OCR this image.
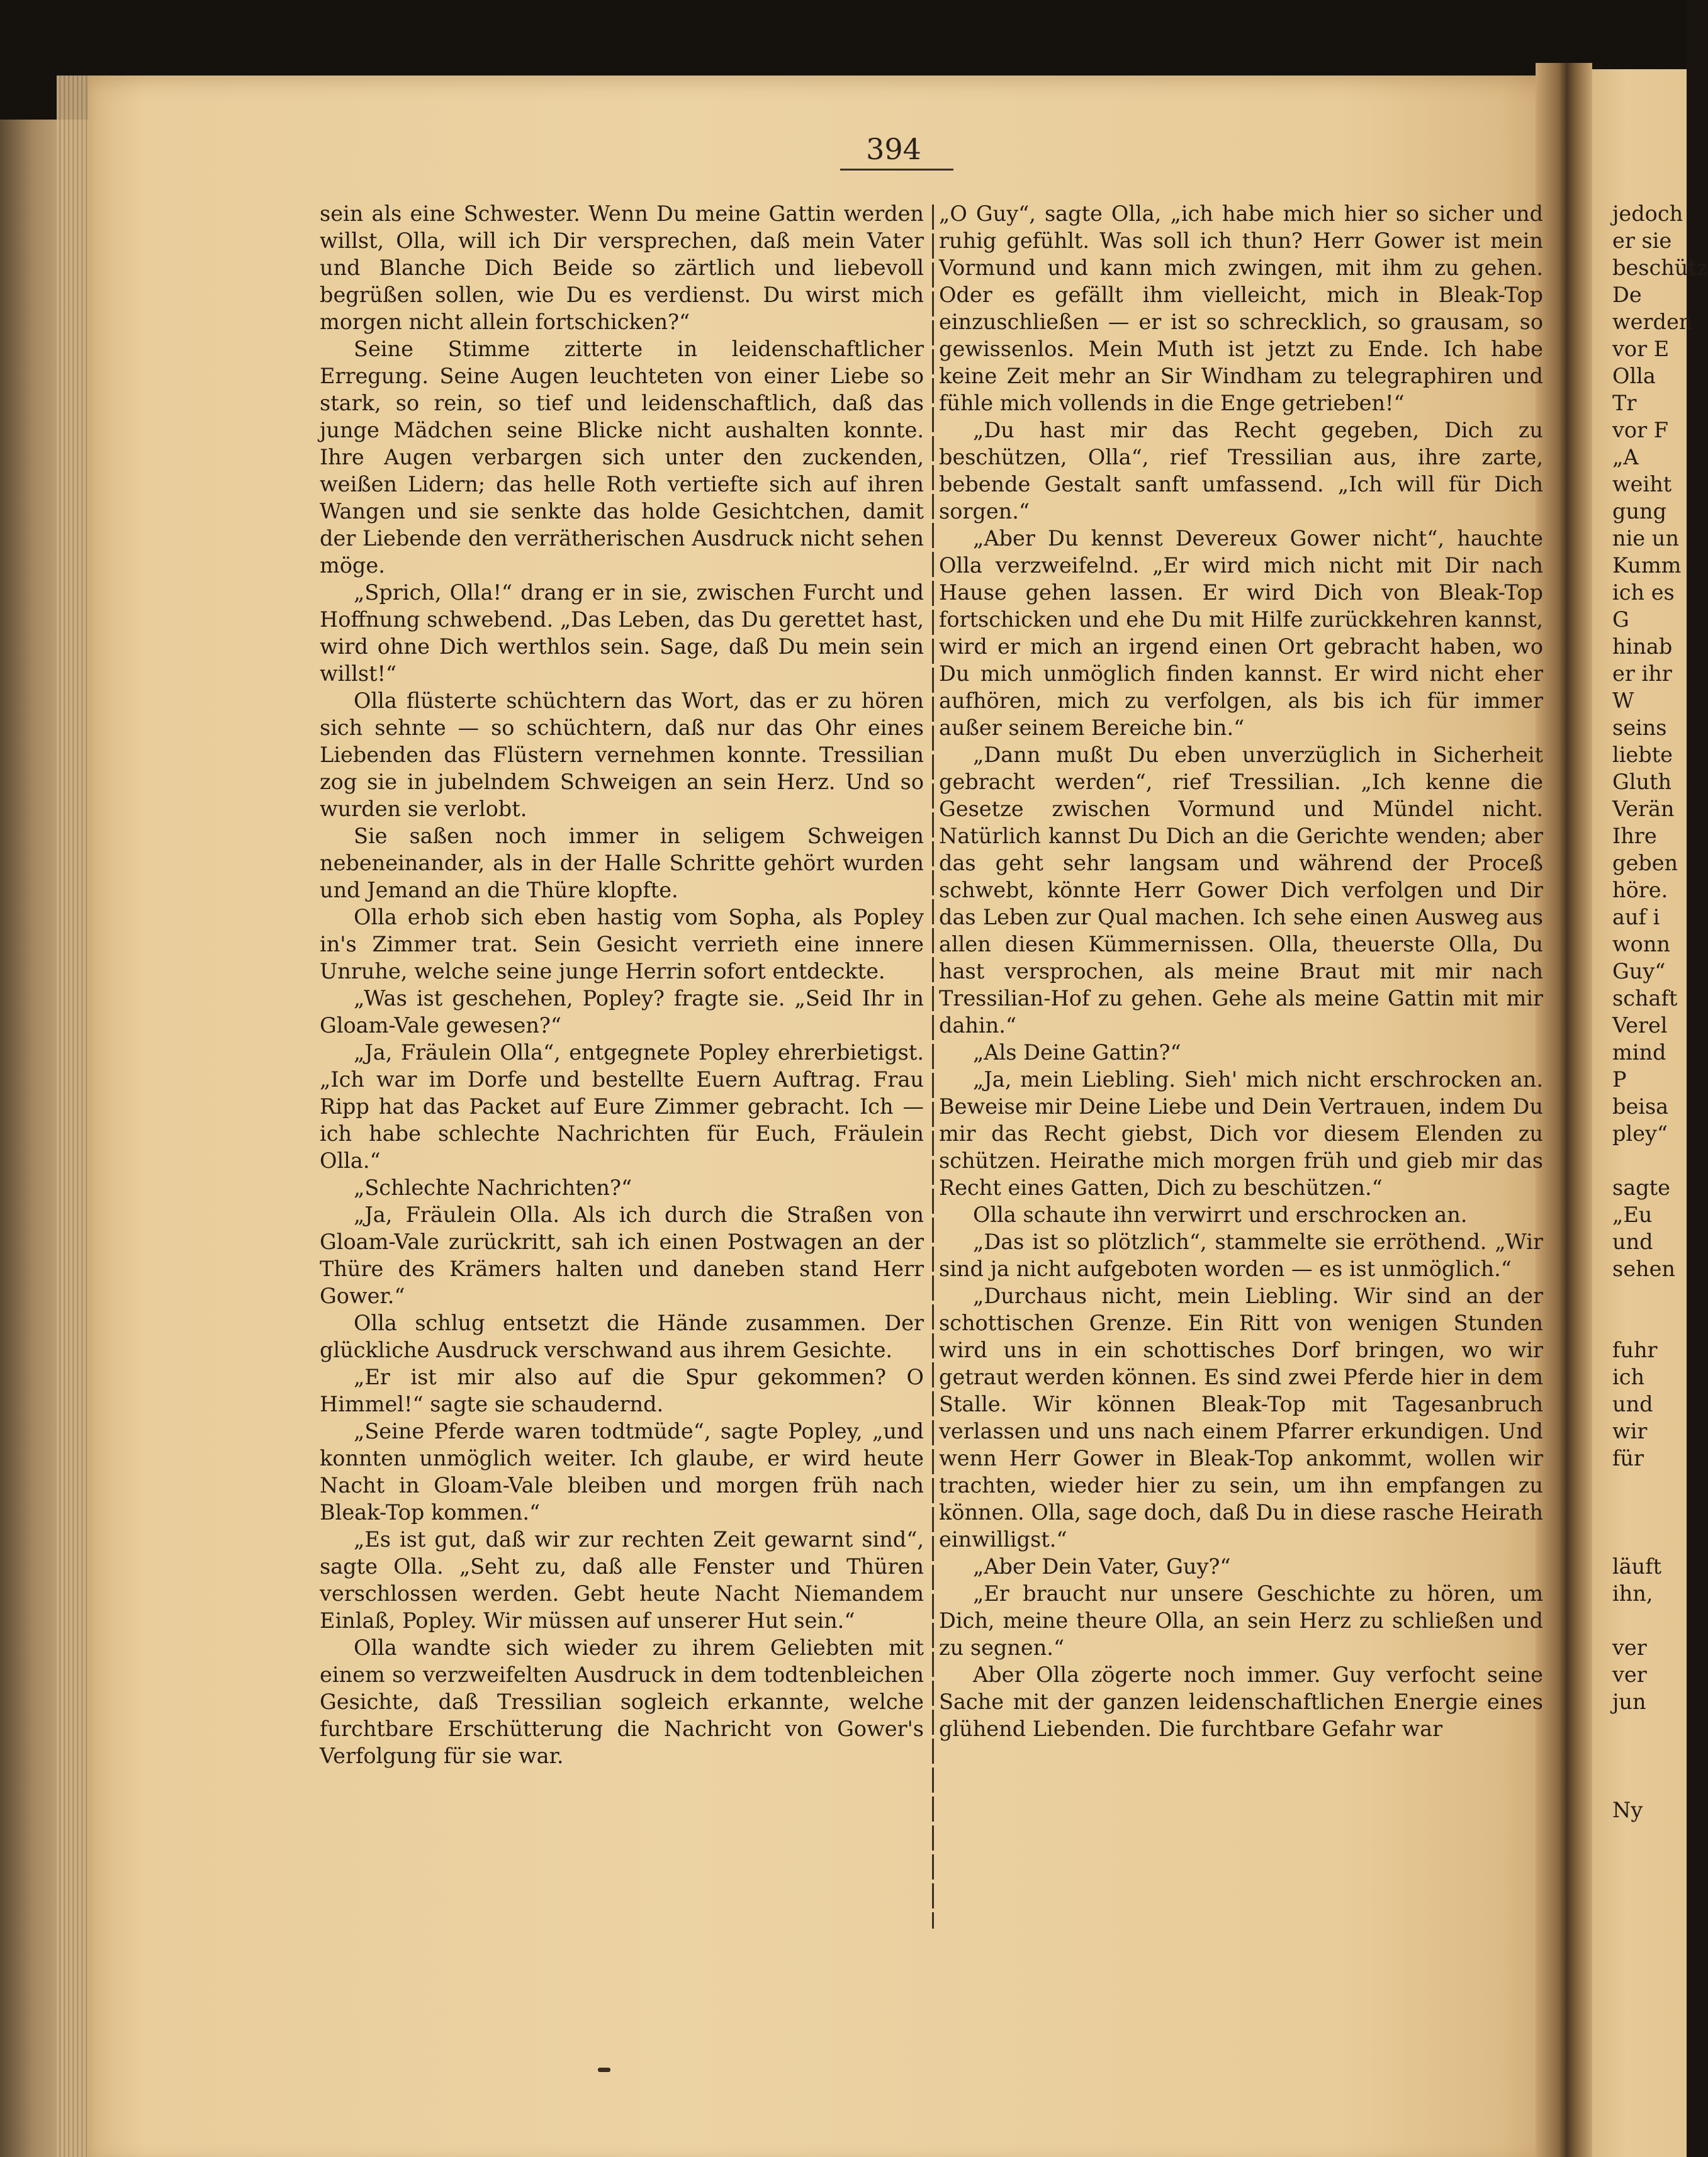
394

sein als eine Schwester. Wenn Du meine Gattin werden willst, Olla, will ich Dir versprechen, daß mein Vater und Blanche Dich Beide so zärtlich und liebevoll begrüßen sollen, wie Du es verdienst. Du wirst mich morgen nicht allein fortschicken?“

Seine Stimme zitterte in leidenschaftlicher Erregung. Seine Augen leuchteten von einer Liebe so stark, so rein, so tief und leidenschaftlich, daß das junge Mädchen seine Blicke nicht aushalten konnte. Ihre Augen verbargen sich unter den zuckenden, weißen Lidern; das helle Roth vertiefte sich auf ihren Wangen und sie senkte das holde Gesichtchen, damit der Liebende den verrätherischen Ausdruck nicht sehen möge.

„Sprich, Olla!“ drang er in sie, zwischen Furcht und Hoffnung schwebend. „Das Leben, das Du gerettet hast, wird ohne Dich werthlos sein. Sage, daß Du mein sein willst!“

Olla flüsterte schüchtern das Wort, das er zu hören sich sehnte — so schüchtern, daß nur das Ohr eines Liebenden das Flüstern vernehmen konnte. Tressilian zog sie in jubelndem Schweigen an sein Herz. Und so wurden sie verlobt.

Sie saßen noch immer in seligem Schweigen nebeneinander, als in der Halle Schritte gehört wurden und Jemand an die Thüre klopfte.

Olla erhob sich eben hastig vom Sopha, als Popley in's Zimmer trat. Sein Gesicht verrieth eine innere Unruhe, welche seine junge Herrin sofort entdeckte.

„Was ist geschehen, Popley? fragte sie. „Seid Ihr in Gloam-Vale gewesen?“

„Ja, Fräulein Olla“, entgegnete Popley ehrerbietigst. „Ich war im Dorfe und bestellte Euern Auftrag. Frau Ripp hat das Packet auf Eure Zimmer gebracht. Ich — ich habe schlechte Nachrichten für Euch, Fräulein Olla.“

„Schlechte Nachrichten?“

„Ja, Fräulein Olla. Als ich durch die Straßen von Gloam-Vale zurückritt, sah ich einen Postwagen an der Thüre des Krämers halten und daneben stand Herr Gower.“

Olla schlug entsetzt die Hände zusammen. Der glückliche Ausdruck verschwand aus ihrem Gesichte.

„Er ist mir also auf die Spur gekommen? O Himmel!“ sagte sie schaudernd.

„Seine Pferde waren todtmüde“, sagte Popley, „und konnten unmöglich weiter. Ich glaube, er wird heute Nacht in Gloam-Vale bleiben und morgen früh nach Bleak-Top kommen.“

„Es ist gut, daß wir zur rechten Zeit gewarnt sind“, sagte Olla. „Seht zu, daß alle Fenster und Thüren verschlossen werden. Gebt heute Nacht Niemandem Einlaß, Popley. Wir müssen auf unserer Hut sein.“

Olla wandte sich wieder zu ihrem Geliebten mit einem so verzweifelten Ausdruck in dem todtenbleichen Gesichte, daß Tressilian sogleich erkannte, welche furchtbare Erschütterung die Nachricht von Gower's Verfolgung für sie war.

„O Guy“, sagte Olla, „ich habe mich hier so sicher und ruhig gefühlt. Was soll ich thun? Herr Gower ist mein Vormund und kann mich zwingen, mit ihm zu gehen. Oder es gefällt ihm vielleicht, mich in Bleak-Top einzuschließen — er ist so schrecklich, so grausam, so gewissenlos. Mein Muth ist jetzt zu Ende. Ich habe keine Zeit mehr an Sir Windham zu telegraphiren und fühle mich vollends in die Enge getrieben!“

„Du hast mir das Recht gegeben, Dich zu beschützen, Olla“, rief Tressilian aus, ihre zarte, bebende Gestalt sanft umfassend. „Ich will für Dich sorgen.“

„Aber Du kennst Devereux Gower nicht“, hauchte Olla verzweifelnd. „Er wird mich nicht mit Dir nach Hause gehen lassen. Er wird Dich von Bleak-Top fortschicken und ehe Du mit Hilfe zurückkehren kannst, wird er mich an irgend einen Ort gebracht haben, wo Du mich unmöglich finden kannst. Er wird nicht eher aufhören, mich zu verfolgen, als bis ich für immer außer seinem Bereiche bin.“

„Dann mußt Du eben unverzüglich in Sicherheit gebracht werden“, rief Tressilian. „Ich kenne die Gesetze zwischen Vormund und Mündel nicht. Natürlich kannst Du Dich an die Gerichte wenden; aber das geht sehr langsam und während der Proceß schwebt, könnte Herr Gower Dich verfolgen und Dir das Leben zur Qual machen. Ich sehe einen Ausweg aus allen diesen Kümmernissen. Olla, theuerste Olla, Du hast versprochen, als meine Braut mit mir nach Tressilian-Hof zu gehen. Gehe als meine Gattin mit mir dahin.“

„Als Deine Gattin?“

„Ja, mein Liebling. Sieh' mich nicht erschrocken an. Beweise mir Deine Liebe und Dein Vertrauen, indem Du mir das Recht giebst, Dich vor diesem Elenden zu schützen. Heirathe mich morgen früh und gieb mir das Recht eines Gatten, Dich zu beschützen.“

Olla schaute ihn verwirrt und erschrocken an.

„Das ist so plötzlich“, stammelte sie erröthend. „Wir sind ja nicht aufgeboten worden — es ist unmöglich.“

„Durchaus nicht, mein Liebling. Wir sind an der schottischen Grenze. Ein Ritt von wenigen Stunden wird uns in ein schottisches Dorf bringen, wo wir getraut werden können. Es sind zwei Pferde hier in dem Stalle. Wir können Bleak-Top mit Tagesanbruch verlassen und uns nach einem Pfarrer erkundigen. Und wenn Herr Gower in Bleak-Top ankommt, wollen wir trachten, wieder hier zu sein, um ihn empfangen zu können. Olla, sage doch, daß Du in diese rasche Heirath einwilligst.“

„Aber Dein Vater, Guy?“

„Er braucht nur unsere Geschichte zu hören, um Dich, meine theure Olla, an sein Herz zu schließen und zu segnen.“

Aber Olla zögerte noch immer. Guy verfocht seine Sache mit der ganzen leidenschaftlichen Energie eines glühend Liebenden. Die furchtbare Gefahr war

jedoch
er sie
beschütz
De
werden
vor E
Olla
Tr
vor F
„A
weiht
gung
nie un
Kumm
ich es
G
hinab
er ihr
W
seins
liebte
Gluth
Verän
Ihre
geben
höre.
auf i
wonn
Guy“
schaft
Verel
mind
P
beisa
pley“
sagte
„Eu
und
sehen
fuhr
ich
und
wir
für
läuft
ihn,
ver
ver
jun
Ny
